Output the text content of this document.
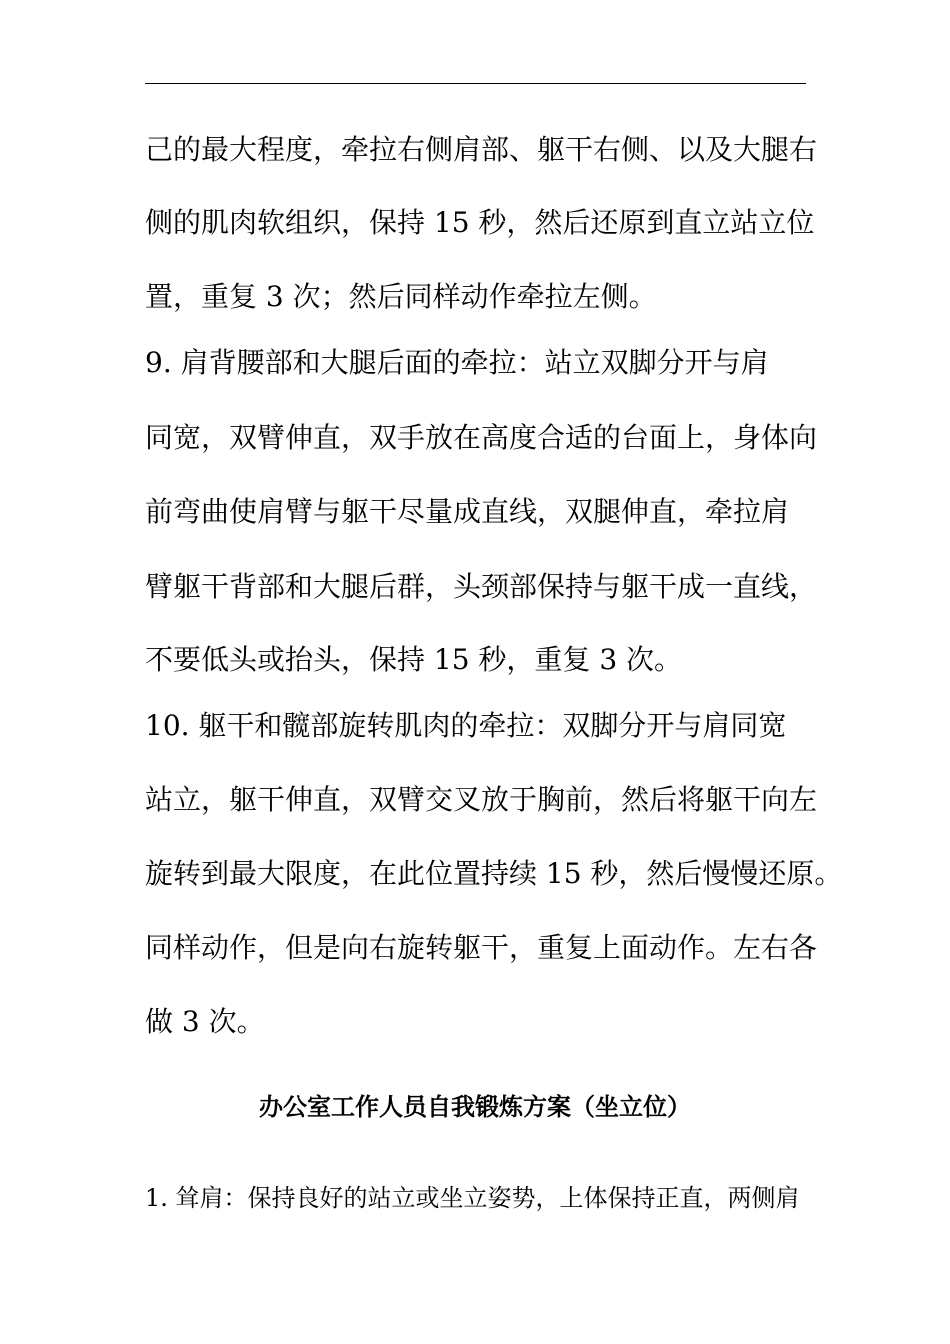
己的最大程度，牵拉右侧肩部、躯干右侧、以及大腿右
侧的肌肉软组织，保持 15 秒，然后还原到直立站立位
置，重复 3 次；然后同样动作牵拉左侧。
9. 肩背腰部和大腿后面的牵拉：站立双脚分开与肩
同宽，双臂伸直，双手放在高度合适的台面上，身体向
前弯曲使肩臂与躯干尽量成直线，双腿伸直，牵拉肩
臂躯干背部和大腿后群，头颈部保持与躯干成一直线，
不要低头或抬头，保持 15 秒，重复 3 次。
10. 躯干和髋部旋转肌肉的牵拉：双脚分开与肩同宽
站立，躯干伸直，双臂交叉放于胸前，然后将躯干向左
旋转到最大限度，在此位置持续 15 秒，然后慢慢还原。
同样动作，但是向右旋转躯干，重复上面动作。左右各
做 3 次。
办公室工作人员自我锻炼方案（坐立位）
1. 耸肩：保持良好的站立或坐立姿势，上体保持正直，两侧肩
